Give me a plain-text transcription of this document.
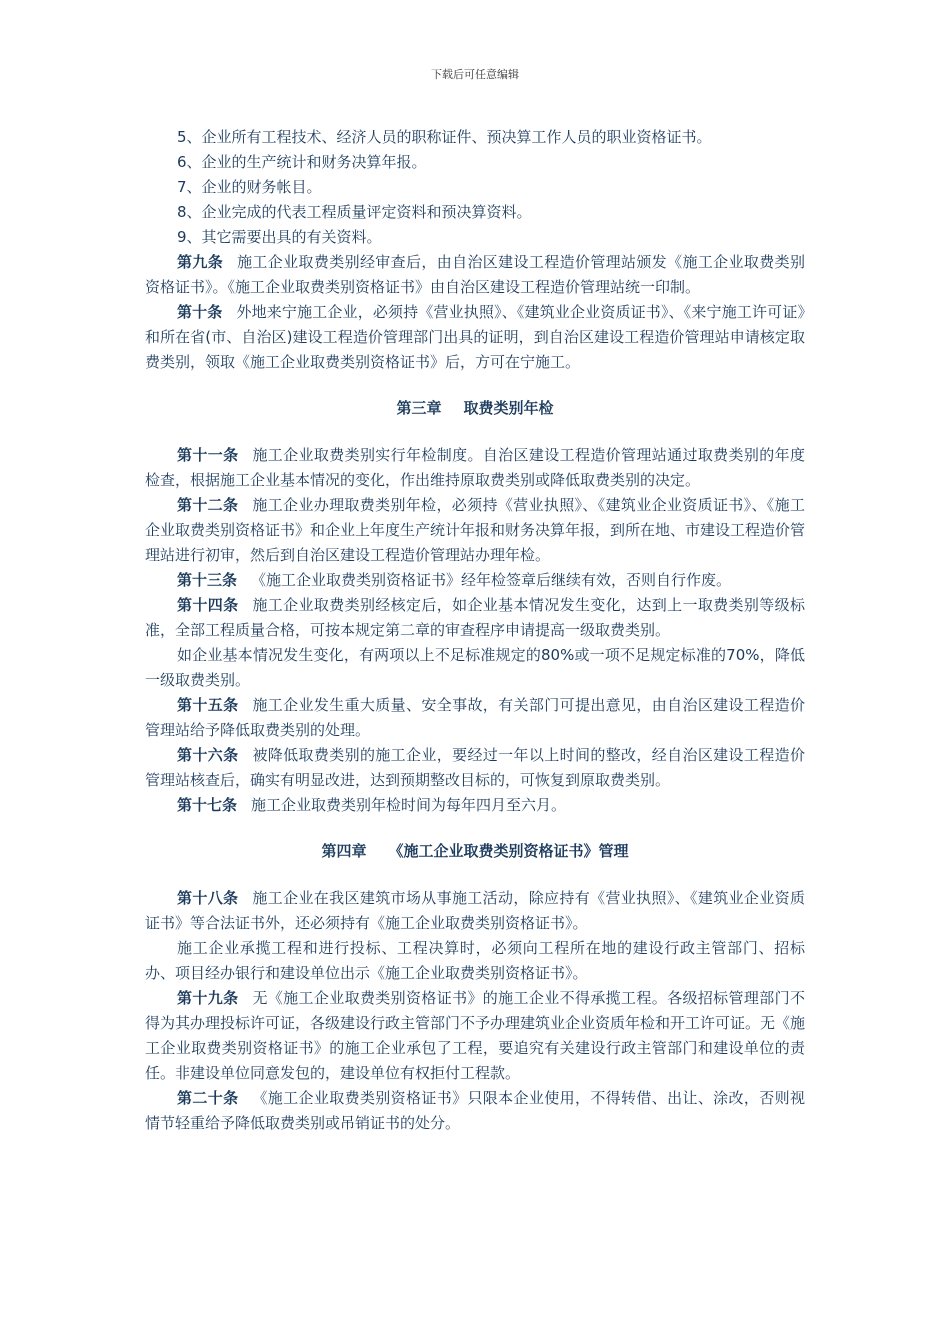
下载后可任意编辑

5、企业所有工程技术、经济人员的职称证件、预决算工作人员的职业资格证书。

6、企业的生产统计和财务决算年报。

7、企业的财务帐目。

8、企业完成的代表工程质量评定资料和预决算资料。

9、其它需要出具的有关资料。

第九条 施工企业取费类别经审查后，由自治区建设工程造价管理站颁发《施工企业取费类别资格证书》。《施工企业取费类别资格证书》由自治区建设工程造价管理站统一印制。

第十条 外地来宁施工企业，必须持《营业执照》、《建筑业企业资质证书》、《来宁施工许可证》和所在省(市、自治区)建设工程造价管理部门出具的证明，到自治区建设工程造价管理站申请核定取费类别，领取《施工企业取费类别资格证书》后，方可在宁施工。

第三章 取费类别年检

第十一条 施工企业取费类别实行年检制度。自治区建设工程造价管理站通过取费类别的年度检查，根据施工企业基本情况的变化，作出维持原取费类别或降低取费类别的决定。

第十二条 施工企业办理取费类别年检，必须持《营业执照》、《建筑业企业资质证书》、《施工企业取费类别资格证书》和企业上年度生产统计年报和财务决算年报，到所在地、市建设工程造价管理站进行初审，然后到自治区建设工程造价管理站办理年检。

第十三条 《施工企业取费类别资格证书》经年检签章后继续有效，否则自行作废。

第十四条 施工企业取费类别经核定后，如企业基本情况发生变化，达到上一取费类别等级标准，全部工程质量合格，可按本规定第二章的审查程序申请提高一级取费类别。

如企业基本情况发生变化，有两项以上不足标准规定的80%或一项不足规定标准的70%，降低一级取费类别。

第十五条 施工企业发生重大质量、安全事故，有关部门可提出意见，由自治区建设工程造价管理站给予降低取费类别的处理。

第十六条 被降低取费类别的施工企业，要经过一年以上时间的整改，经自治区建设工程造价管理站核查后，确实有明显改进，达到预期整改目标的，可恢复到原取费类别。

第十七条 施工企业取费类别年检时间为每年四月至六月。

第四章 《施工企业取费类别资格证书》管理

第十八条 施工企业在我区建筑市场从事施工活动，除应持有《营业执照》、《建筑业企业资质证书》等合法证书外，还必须持有《施工企业取费类别资格证书》。

施工企业承揽工程和进行投标、工程决算时，必须向工程所在地的建设行政主管部门、招标办、项目经办银行和建设单位出示《施工企业取费类别资格证书》。

第十九条 无《施工企业取费类别资格证书》的施工企业不得承揽工程。各级招标管理部门不得为其办理投标许可证，各级建设行政主管部门不予办理建筑业企业资质年检和开工许可证。无《施工企业取费类别资格证书》的施工企业承包了工程，要追究有关建设行政主管部门和建设单位的责任。非建设单位同意发包的，建设单位有权拒付工程款。

第二十条 《施工企业取费类别资格证书》只限本企业使用，不得转借、出让、涂改，否则视情节轻重给予降低取费类别或吊销证书的处分。
